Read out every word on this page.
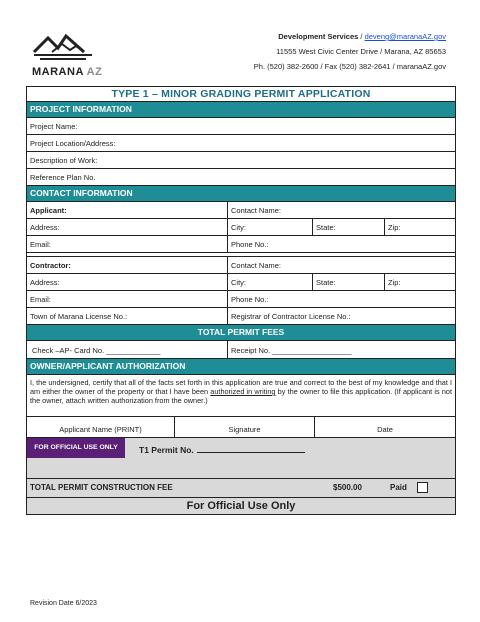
MARANA AZ
Development Services / deveng@maranaAZ.gov
11555 West Civic Center Drive / Marana, AZ 85653
Ph. (520) 382-2600 / Fax (520) 382-2641 / maranaAZ.gov
TYPE 1 – MINOR GRADING PERMIT APPLICATION
PROJECT INFORMATION
Project Name:
Project Location/Address:
Description of Work:
Reference Plan No.
CONTACT INFORMATION
Applicant:	Contact Name:
Address:	City:	State:	Zip:
Email:	Phone No.:
Contractor:	Contact Name:
Address:	City:	State:	Zip:
Email:	Phone No.:
Town of Marana License No.:	Registrar of Contractor License No.:
TOTAL PERMIT FEES
Check –AP- Card No. _____________	Receipt No. ___________________
OWNER/APPLICANT AUTHORIZATION
I, the undersigned, certify that all of the facts set forth in this application are true and correct to the best of my knowledge and that I am either the owner of the property or that I have been authorized in writing by the owner to file this application. (If applicant is not the owner, attach written authorization from the owner.)
Applicant Name (PRINT)	Signature	Date
FOR OFFICIAL USE ONLY	T1 Permit No.
TOTAL PERMIT CONSTRUCTION FEE	$500.00	Paid
For Official Use Only
Revision Date 6/2023
